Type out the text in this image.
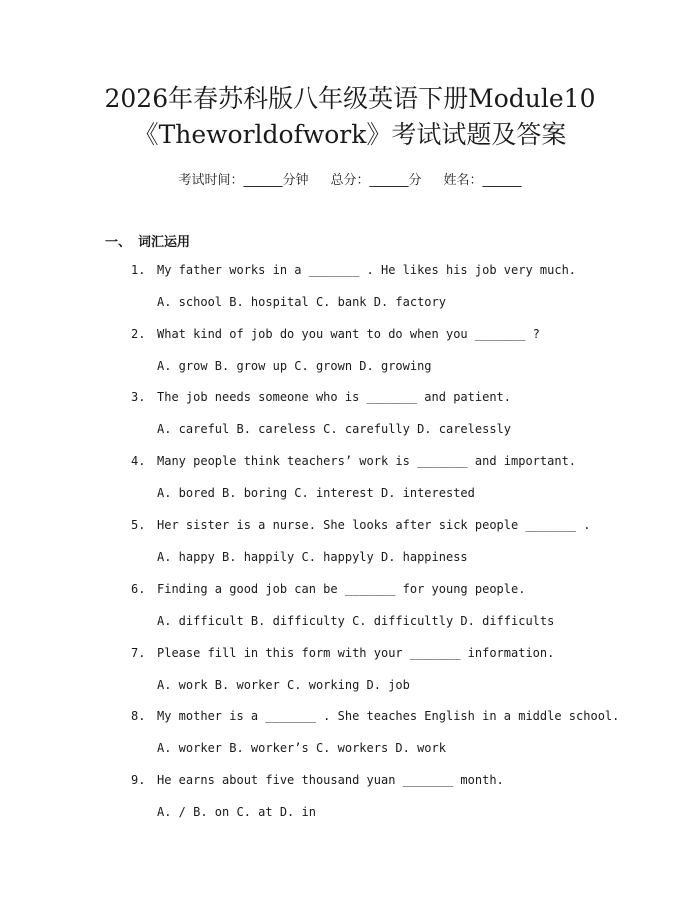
2026年春苏科版八年级英语下册Module10
《Theworldofwork》考试试题及答案
考试时间：______分钟 总分：______分 姓名：______
一、 词汇运用
1. My father works in a _______ . He likes his job very much.
A. school B. hospital C. bank D. factory
2. What kind of job do you want to do when you _______ ?
A. grow B. grow up C. grown D. growing
3. The job needs someone who is _______ and patient.
A. careful B. careless C. carefully D. carelessly
4. Many people think teachers’ work is _______ and important.
A. bored B. boring C. interest D. interested
5. Her sister is a nurse. She looks after sick people _______ .
A. happy B. happily C. happyly D. happiness
6. Finding a good job can be _______ for young people.
A. difficult B. difficulty C. difficultly D. difficults
7. Please fill in this form with your _______ information.
A. work B. worker C. working D. job
8. My mother is a _______ . She teaches English in a middle school.
A. worker B. worker’s C. workers D. work
9. He earns about five thousand yuan _______ month.
A. / B. on C. at D. in
